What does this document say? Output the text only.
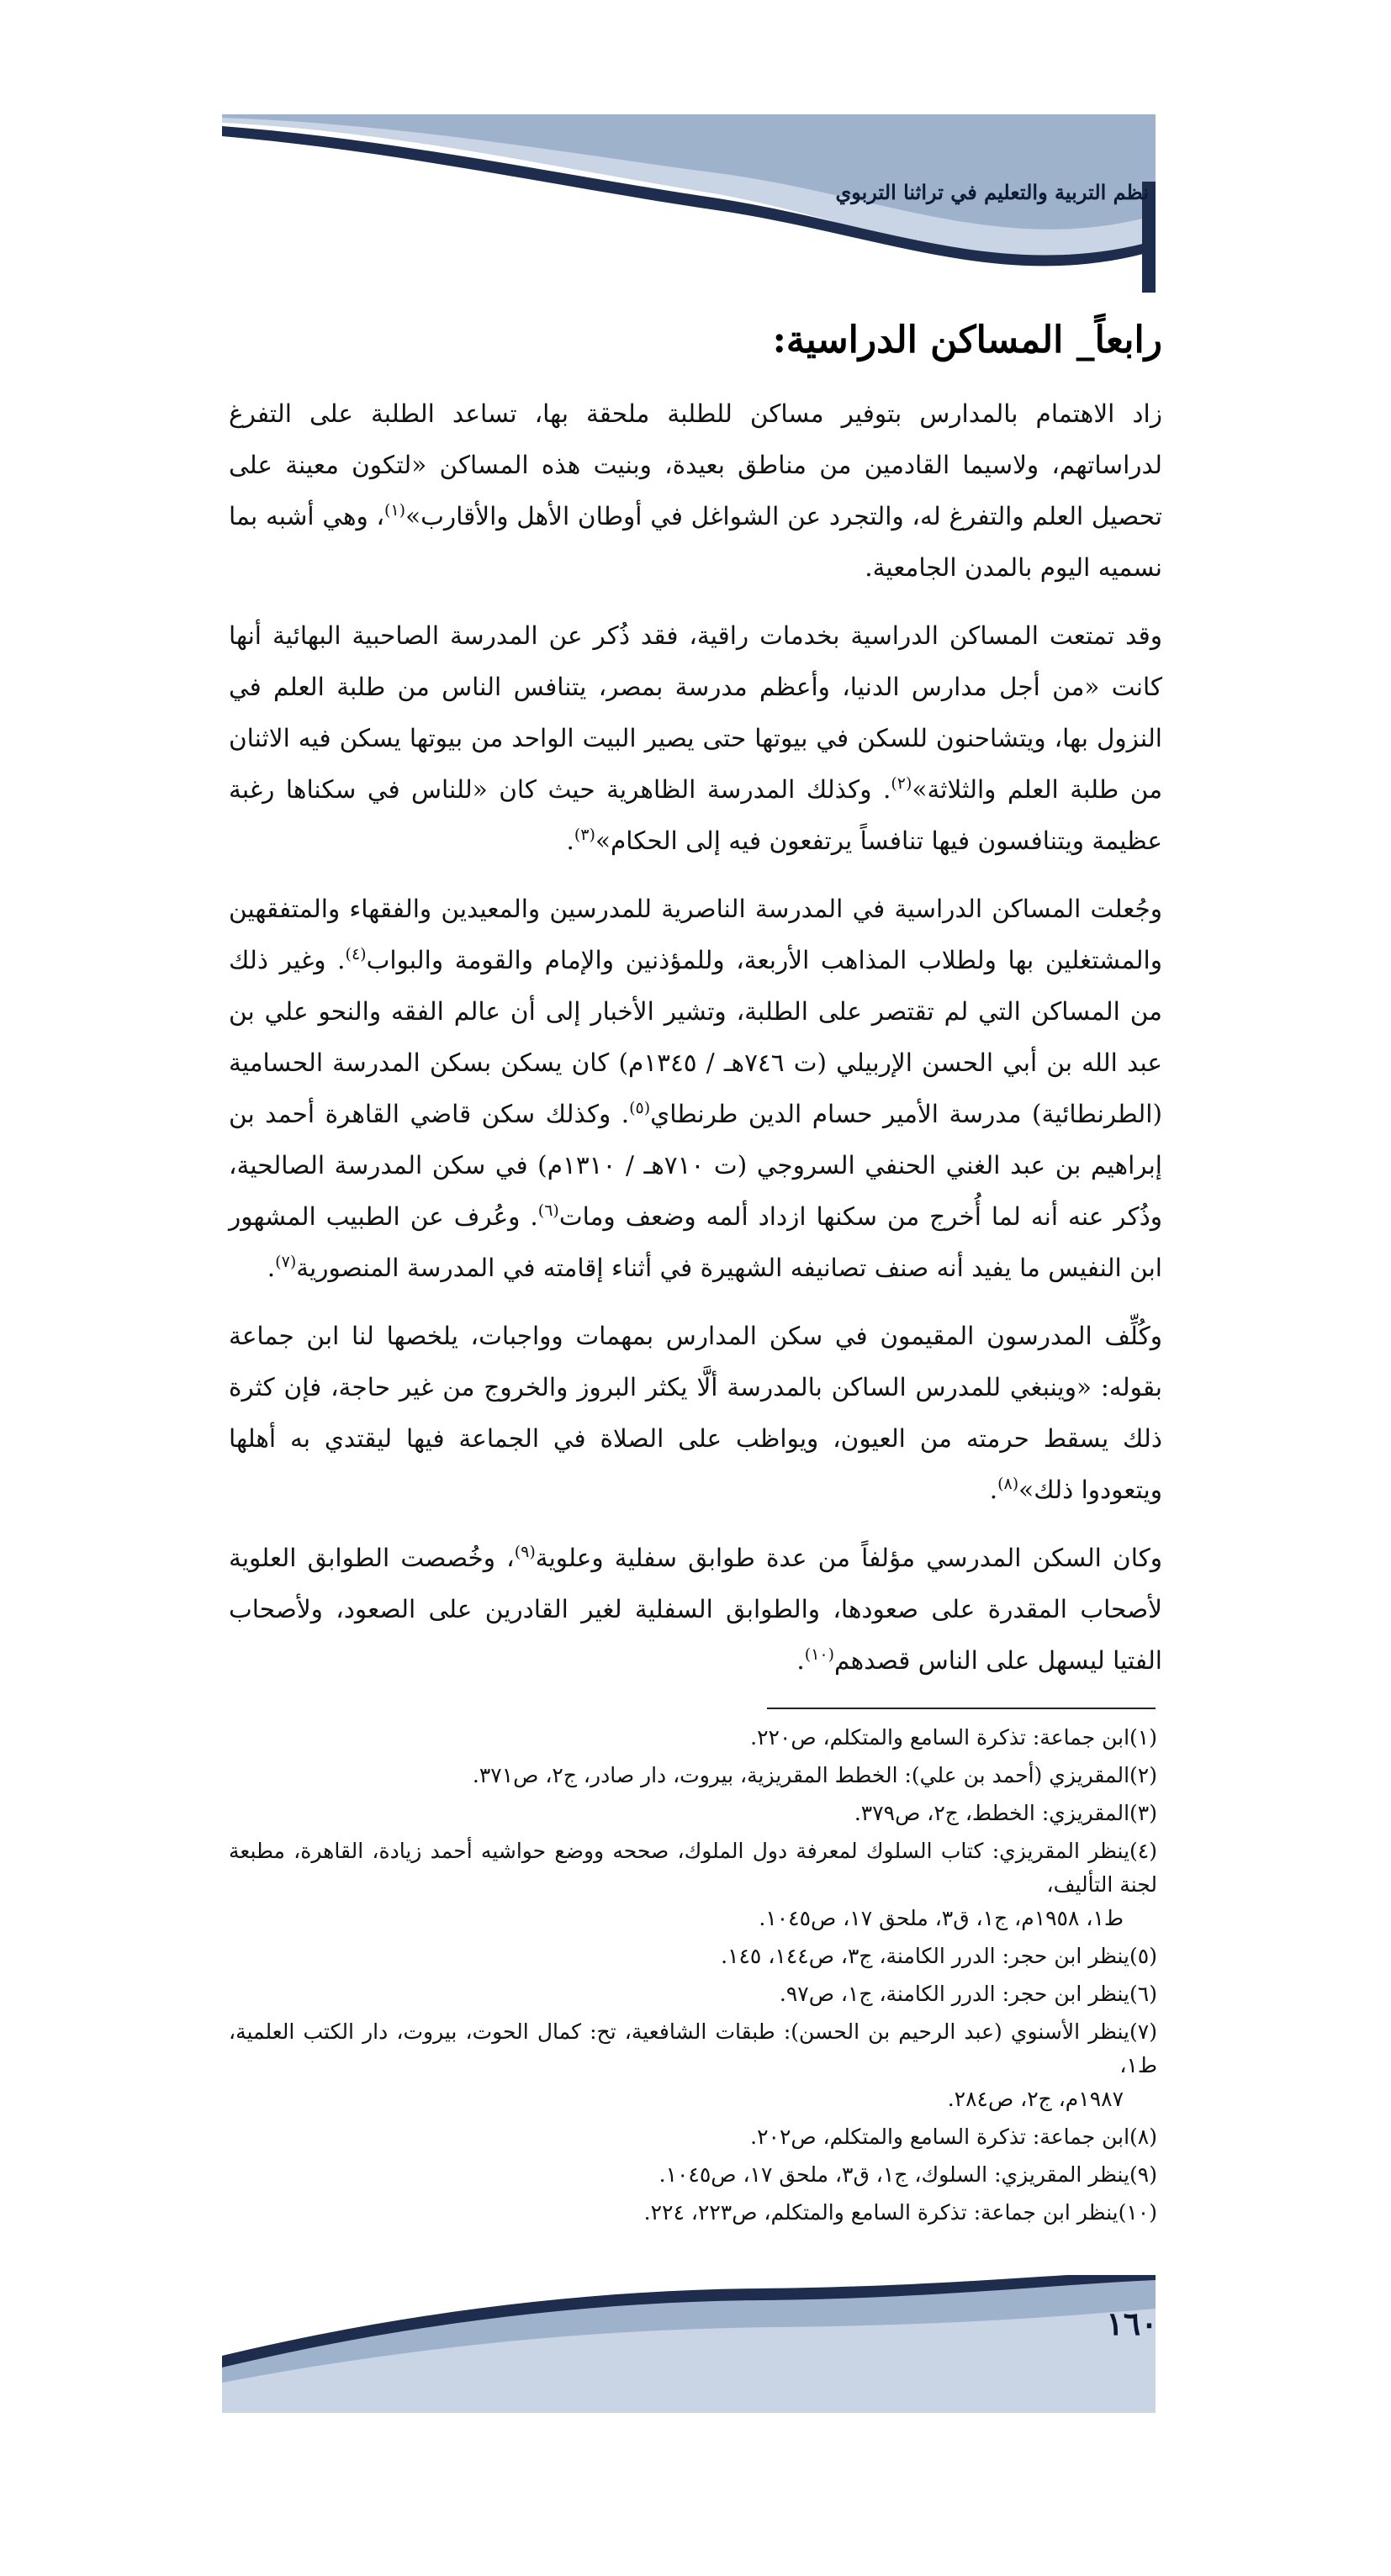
نظم التربية والتعليم في تراثنا التربوي
رابعاً_ المساكن الدراسية:

زاد الاهتمام بالمدارس بتوفير مساكن للطلبة ملحقة بها، تساعد الطلبة على التفرغ لدراساتهم، ولاسيما القادمين من مناطق بعيدة، وبنيت هذه المساكن «لتكون معينة على تحصيل العلم والتفرغ له، والتجرد عن الشواغل في أوطان الأهل والأقارب»$^{(١)}$، وهي أشبه بما نسميه اليوم بالمدن الجامعية.

وقد تمتعت المساكن الدراسية بخدمات راقية، فقد ذُكر عن المدرسة الصاحبية البهائية أنها كانت «من أجل مدارس الدنيا، وأعظم مدرسة بمصر، يتنافس الناس من طلبة العلم في النزول بها، ويتشاحنون للسكن في بيوتها حتى يصير البيت الواحد من بيوتها يسكن فيه الاثنان من طلبة العلم والثلاثة»$^{(٢)}$. وكذلك المدرسة الظاهرية حيث كان «للناس في سكناها رغبة عظيمة ويتنافسون فيها تنافساً يرتفعون فيه إلى الحكام»$^{(٣)}$.

وجُعلت المساكن الدراسية في المدرسة الناصرية للمدرسين والمعيدين والفقهاء والمتفقهين والمشتغلين بها ولطلاب المذاهب الأربعة، وللمؤذنين والإمام والقومة والبواب$^{(٤)}$. وغير ذلك من المساكن التي لم تقتصر على الطلبة، وتشير الأخبار إلى أن عالم الفقه والنحو علي بن عبد الله بن أبي الحسن الإربيلي (ت ٧٤٦هـ / ١٣٤٥م) كان يسكن بسكن المدرسة الحسامية (الطرنطائية) مدرسة الأمير حسام الدين طرنطاي$^{(٥)}$. وكذلك سكن قاضي القاهرة أحمد بن إبراهيم بن عبد الغني الحنفي السروجي (ت ٧١٠هـ / ١٣١٠م) في سكن المدرسة الصالحية، وذُكر عنه أنه لما أُخرج من سكنها ازداد ألمه وضعف ومات$^{(٦)}$. وعُرف عن الطبيب المشهور ابن النفيس ما يفيد أنه صنف تصانيفه الشهيرة في أثناء إقامته في المدرسة المنصورية$^{(٧)}$.

وكُلِّف المدرسون المقيمون في سكن المدارس بمهمات وواجبات، يلخصها لنا ابن جماعة بقوله: «وينبغي للمدرس الساكن بالمدرسة ألَّا يكثر البروز والخروج من غير حاجة، فإن كثرة ذلك يسقط حرمته من العيون، ويواظب على الصلاة في الجماعة فيها ليقتدي به أهلها ويتعودوا ذلك»$^{(٨)}$.

وكان السكن المدرسي مؤلفاً من عدة طوابق سفلية وعلوية$^{(٩)}$، وخُصصت الطوابق العلوية لأصحاب المقدرة على صعودها، والطوابق السفلية لغير القادرين على الصعود، ولأصحاب الفتيا ليسهل على الناس قصدهم$^{(١٠)}$.

(١)ابن جماعة: تذكرة السامع والمتكلم، ص٢٢٠.
(٢)المقريزي (أحمد بن علي): الخطط المقريزية، بيروت، دار صادر، ج٢، ص٣٧١.
(٣)المقريزي: الخطط، ج٢، ص٣٧٩.
(٤)ينظر المقريزي: كتاب السلوك لمعرفة دول الملوك، صححه ووضع حواشيه أحمد زيادة، القاهرة، مطبعة لجنة التأليف،
ط١، ١٩٥٨م، ج١، ق٣، ملحق ١٧، ص١٠٤٥.
(٥)ينظر ابن حجر: الدرر الكامنة، ج٣، ص١٤٤، ١٤٥.
(٦)ينظر ابن حجر: الدرر الكامنة، ج١، ص٩٧.
(٧)ينظر الأسنوي (عبد الرحيم بن الحسن): طبقات الشافعية، تح: كمال الحوت، بيروت، دار الكتب العلمية، ط١،
١٩٨٧م، ج٢، ص٢٨٤.
(٨)ابن جماعة: تذكرة السامع والمتكلم، ص٢٠٢.
(٩)ينظر المقريزي: السلوك، ج١، ق٣، ملحق ١٧، ص١٠٤٥.
(١٠)ينظر ابن جماعة: تذكرة السامع والمتكلم، ص٢٢٣، ٢٢٤.
١٦٠
